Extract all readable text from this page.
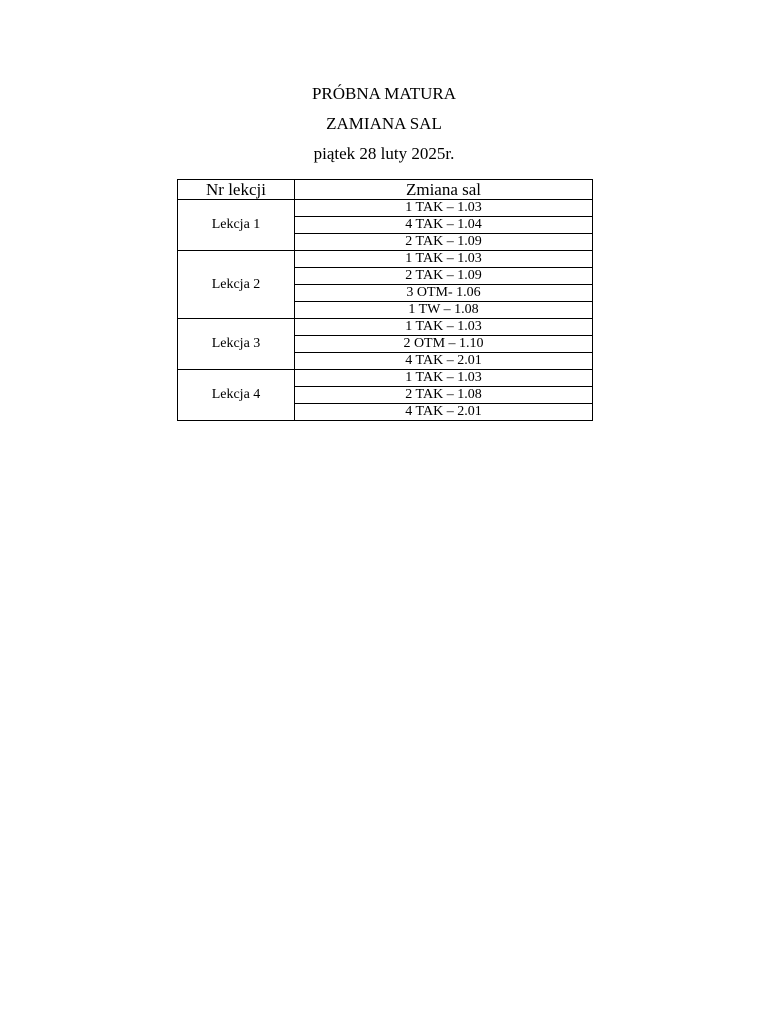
PRÓBNA MATURA
ZAMIANA SAL
piątek 28 luty 2025r.
Nr lekcji	Zmiana sal
Lekcja 1	1 TAK – 1.03
	4 TAK – 1.04
	2 TAK – 1.09
Lekcja 2	1 TAK – 1.03
	2 TAK – 1.09
	3 OTM- 1.06
	1 TW – 1.08
Lekcja 3	1 TAK – 1.03
	2 OTM – 1.10
	4 TAK – 2.01
Lekcja 4	1 TAK – 1.03
	2 TAK – 1.08
	4 TAK – 2.01
